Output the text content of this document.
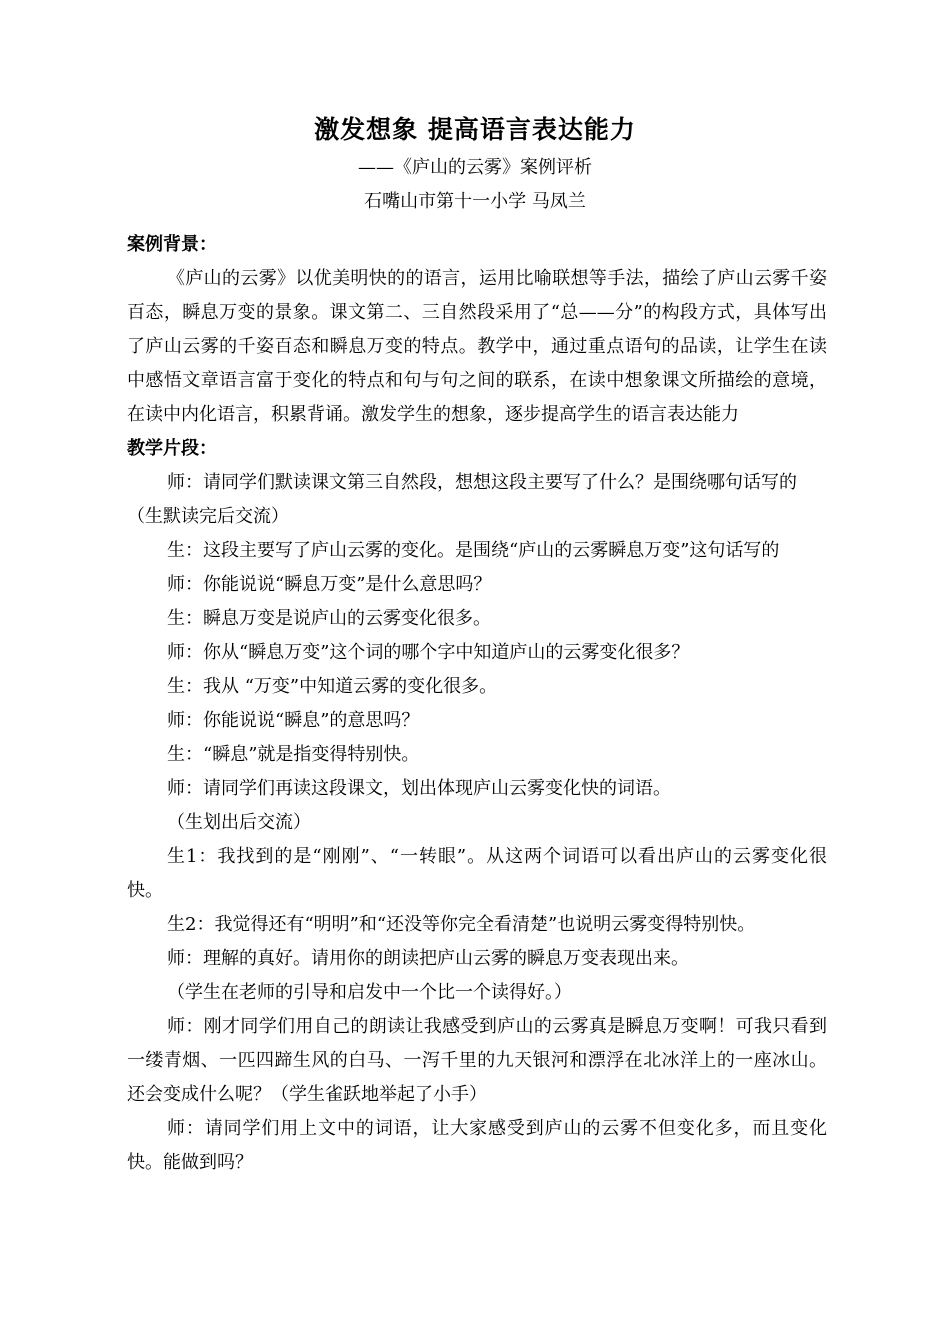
激发想象 提高语言表达能力
——《庐山的云雾》案例评析
石嘴山市第十一小学 马凤兰
案例背景：
《庐山的云雾》以优美明快的的语言，运用比喻联想等手法，描绘了庐山云雾千姿百态，瞬息万变的景象。课文第二、三自然段采用了“总——分”的构段方式，具体写出了庐山云雾的千姿百态和瞬息万变的特点。教学中，通过重点语句的品读，让学生在读中感悟文章语言富于变化的特点和句与句之间的联系，在读中想象课文所描绘的意境，在读中内化语言，积累背诵。激发学生的想象，逐步提高学生的语言表达能力
教学片段：
师：请同学们默读课文第三自然段，想想这段主要写了什么？是围绕哪句话写的
（生默读完后交流）
生：这段主要写了庐山云雾的变化。是围绕“庐山的云雾瞬息万变”这句话写的
师：你能说说“瞬息万变”是什么意思吗？
生：瞬息万变是说庐山的云雾变化很多。
师：你从“瞬息万变”这个词的哪个字中知道庐山的云雾变化很多？
生：我从 “万变”中知道云雾的变化很多。
师：你能说说“瞬息”的意思吗？
生：“瞬息”就是指变得特别快。
师：请同学们再读这段课文，划出体现庐山云雾变化快的词语。
（生划出后交流）
生1：我找到的是“刚刚”、“一转眼”。从这两个词语可以看出庐山的云雾变化很快。
生2：我觉得还有“明明”和“还没等你完全看清楚”也说明云雾变得特别快。
师：理解的真好。请用你的朗读把庐山云雾的瞬息万变表现出来。
（学生在老师的引导和启发中一个比一个读得好。）
师：刚才同学们用自己的朗读让我感受到庐山的云雾真是瞬息万变啊！可我只看到一缕青烟、一匹四蹄生风的白马、一泻千里的九天银河和漂浮在北冰洋上的一座冰山。还会变成什么呢？（学生雀跃地举起了小手）
师：请同学们用上文中的词语，让大家感受到庐山的云雾不但变化多，而且变化快。能做到吗？
